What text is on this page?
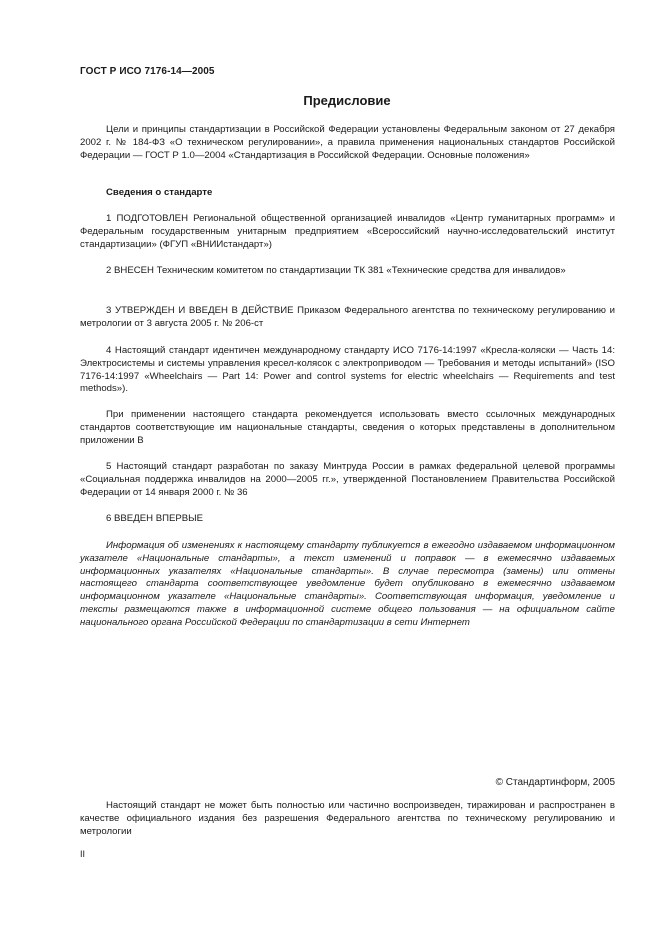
ГОСТ Р ИСО 7176-14—2005
Предисловие

Цели и принципы стандартизации в Российской Федерации установлены Федеральным законом от 27 декабря 2002 г. № 184-ФЗ «О техническом регулировании», а правила применения национальных стандартов Российской Федерации — ГОСТ Р 1.0—2004 «Стандартизация в Российской Федерации. Основные положения»

Сведения о стандарте

1 ПОДГОТОВЛЕН Региональной общественной организацией инвалидов «Центр гуманитарных программ» и Федеральным государственным унитарным предприятием «Всероссийский научно-исследовательский институт стандартизации» (ФГУП «ВНИИстандарт»)

2 ВНЕСЕН Техническим комитетом по стандартизации ТК 381 «Технические средства для инвалидов»

3 УТВЕРЖДЕН И ВВЕДЕН В ДЕЙСТВИЕ Приказом Федерального агентства по техническому регулированию и метрологии от 3 августа 2005 г. № 206-ст

4 Настоящий стандарт идентичен международному стандарту ИСО 7176-14:1997 «Кресла-коляски — Часть 14: Электросистемы и системы управления кресел-колясок с электроприводом — Требования и методы испытаний» (ISO 7176-14:1997 «Wheelchairs — Part 14: Power and control systems for electric wheelchairs — Requirements and test methods»).

При применении настоящего стандарта рекомендуется использовать вместо ссылочных международных стандартов соответствующие им национальные стандарты, сведения о которых представлены в дополнительном приложении В

5 Настоящий стандарт разработан по заказу Минтруда России в рамках федеральной целевой программы «Социальная поддержка инвалидов на 2000—2005 гг.», утвержденной Постановлением Правительства Российской Федерации от 14 января 2000 г. № 36

6 ВВЕДЕН ВПЕРВЫЕ

Информация об изменениях к настоящему стандарту публикуется в ежегодно издаваемом информационном указателе «Национальные стандарты», а текст изменений и поправок — в ежемесячно издаваемых информационных указателях «Национальные стандарты». В случае пересмотра (замены) или отмены настоящего стандарта соответствующее уведомление будет опубликовано в ежемесячно издаваемом информационном указателе «Национальные стандарты». Соответствующая информация, уведомление и тексты размещаются также в информационной системе общего пользования — на официальном сайте национального органа Российской Федерации по стандартизации в сети Интернет

© Стандартинформ, 2005

Настоящий стандарт не может быть полностью или частично воспроизведен, тиражирован и распространен в качестве официального издания без разрешения Федерального агентства по техническому регулированию и метрологии

II
